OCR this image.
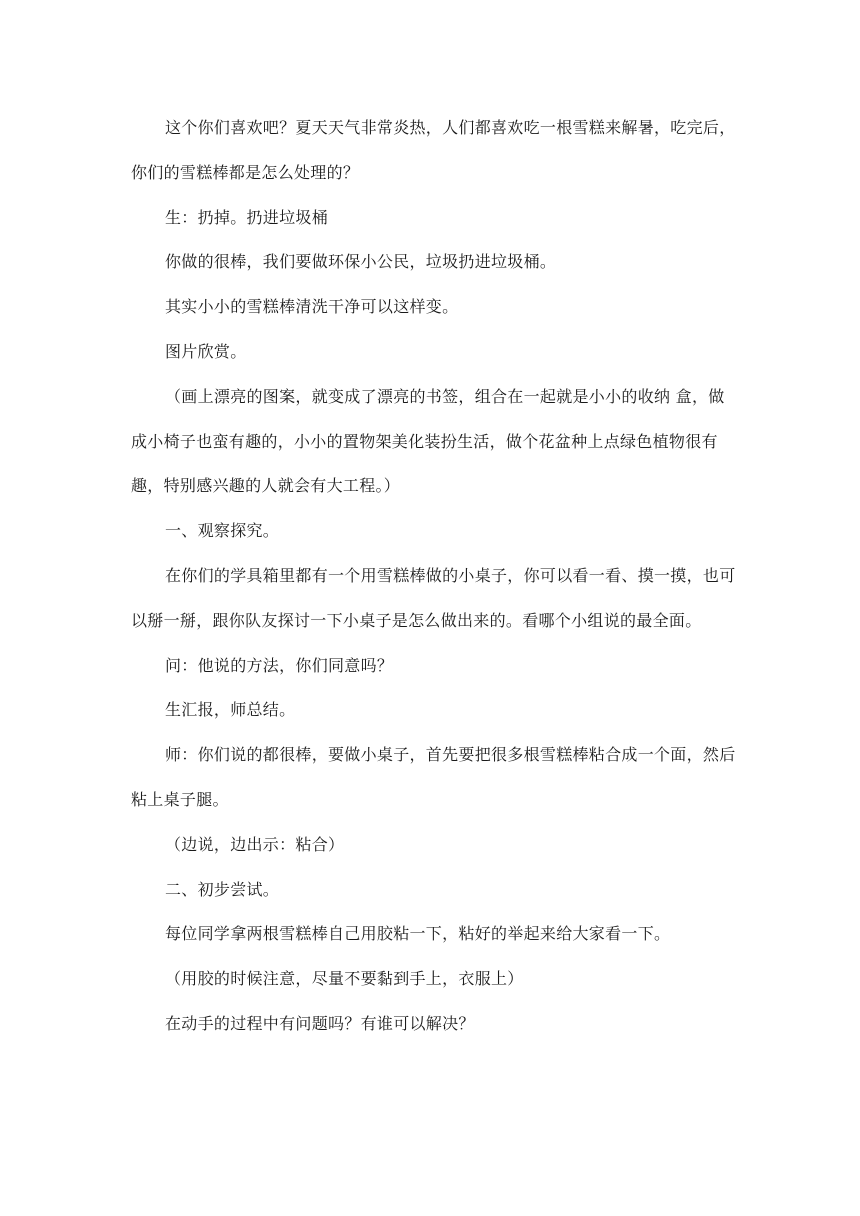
这个你们喜欢吧？夏天天气非常炎热，人们都喜欢吃一根雪糕来解暑，吃完后，你们的雪糕棒都是怎么处理的？

生：扔掉。扔进垃圾桶

你做的很棒，我们要做环保小公民，垃圾扔进垃圾桶。

其实小小的雪糕棒清洗干净可以这样变。

图片欣赏。

（画上漂亮的图案，就变成了漂亮的书签，组合在一起就是小小的收纳 盒，做成小椅子也蛮有趣的，小小的置物架美化装扮生活，做个花盆种上点绿色植物很有趣，特别感兴趣的人就会有大工程。）

一、观察探究。

在你们的学具箱里都有一个用雪糕棒做的小桌子，你可以看一看、摸一摸，也可以掰一掰，跟你队友探讨一下小桌子是怎么做出来的。看哪个小组说的最全面。

问：他说的方法，你们同意吗？

生汇报，师总结。

师：你们说的都很棒，要做小桌子，首先要把很多根雪糕棒粘合成一个面，然后粘上桌子腿。

（边说，边出示：粘合）

二、初步尝试。

每位同学拿两根雪糕棒自己用胶粘一下，粘好的举起来给大家看一下。

（用胶的时候注意，尽量不要黏到手上，衣服上）

在动手的过程中有问题吗？有谁可以解决？
